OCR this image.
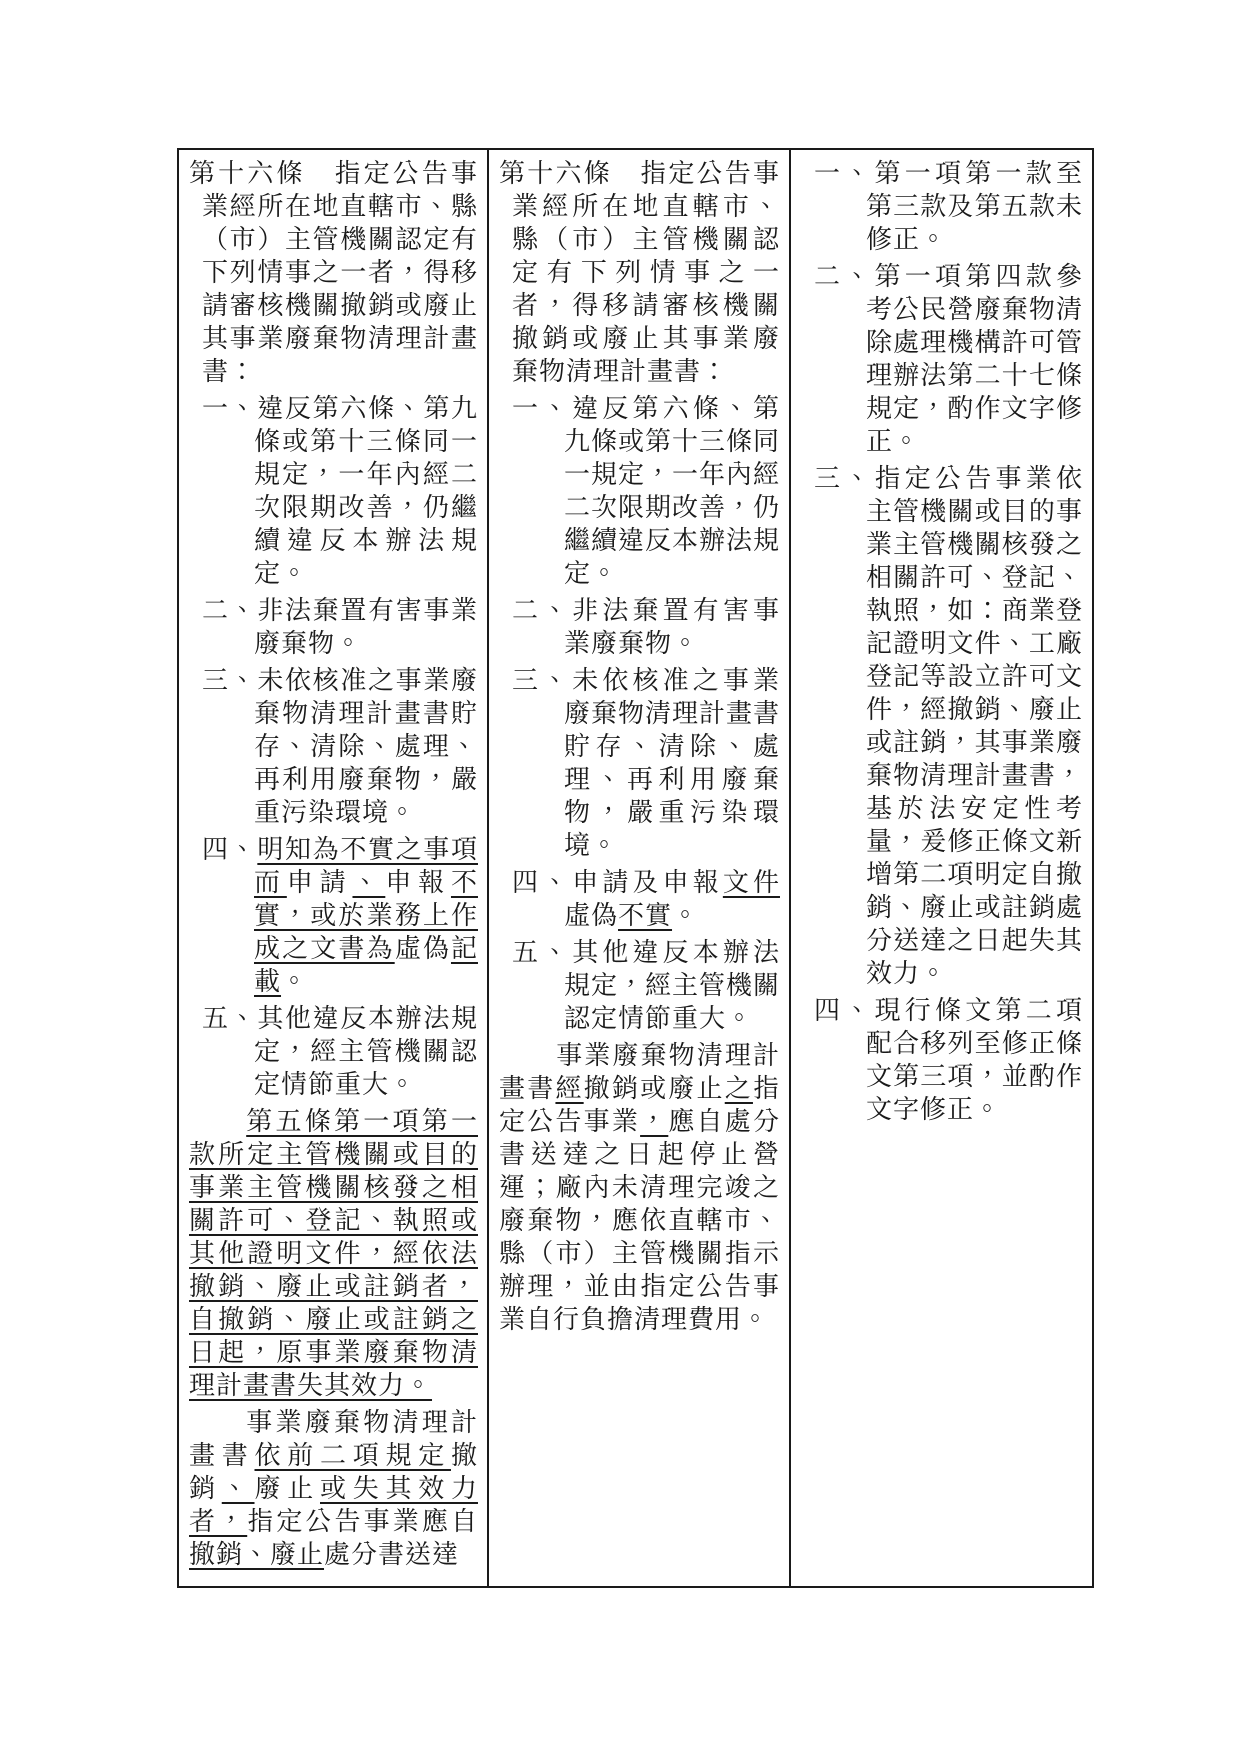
第十六條　指定公告事業經所在地直轄市、縣（市）主管機關認定有下列情事之一者，得移請審核機關撤銷或廢止其事業廢棄物清理計畫書：
一、違反第六條、第九條或第十三條同一規定，一年內經二次限期改善，仍繼續違反本辦法規定。
二、非法棄置有害事業廢棄物。
三、未依核准之事業廢棄物清理計畫書貯存、清除、處理、再利用廢棄物，嚴重污染環境。
四、明知為不實之事項而申請、申報不實，或於業務上作成之文書為虛偽記載。
五、其他違反本辦法規定，經主管機關認定情節重大。
第五條第一項第一款所定主管機關或目的事業主管機關核發之相關許可、登記、執照或其他證明文件，經依法撤銷、廢止或註銷者，自撤銷、廢止或註銷之日起，原事業廢棄物清理計畫書失其效力。
事業廢棄物清理計畫書依前二項規定撤銷、廢止或失其效力者，指定公告事業應自撤銷、廢止處分書送達
第十六條　指定公告事業經所在地直轄市、縣（市）主管機關認定有下列情事之一者，得移請審核機關撤銷或廢止其事業廢棄物清理計畫書：
一、違反第六條、第九條或第十三條同一規定，一年內經二次限期改善，仍繼續違反本辦法規定。
二、非法棄置有害事業廢棄物。
三、未依核准之事業廢棄物清理計畫書貯存、清除、處理、再利用廢棄物，嚴重污染環境。
四、申請及申報文件虛偽不實。
五、其他違反本辦法規定，經主管機關認定情節重大。
事業廢棄物清理計畫書經撤銷或廢止之指定公告事業，應自處分書送達之日起停止營運；廠內未清理完竣之廢棄物，應依直轄市、縣（市）主管機關指示辦理，並由指定公告事業自行負擔清理費用。
一、第一項第一款至第三款及第五款未修正。
二、第一項第四款參考公民營廢棄物清除處理機構許可管理辦法第二十七條規定，酌作文字修正。
三、指定公告事業依主管機關或目的事業主管機關核發之相關許可、登記、執照，如：商業登記證明文件、工廠登記等設立許可文件，經撤銷、廢止或註銷，其事業廢棄物清理計畫書，基於法安定性考量，爰修正條文新增第二項明定自撤銷、廢止或註銷處分送達之日起失其效力。
四、現行條文第二項配合移列至修正條文第三項，並酌作文字修正。
